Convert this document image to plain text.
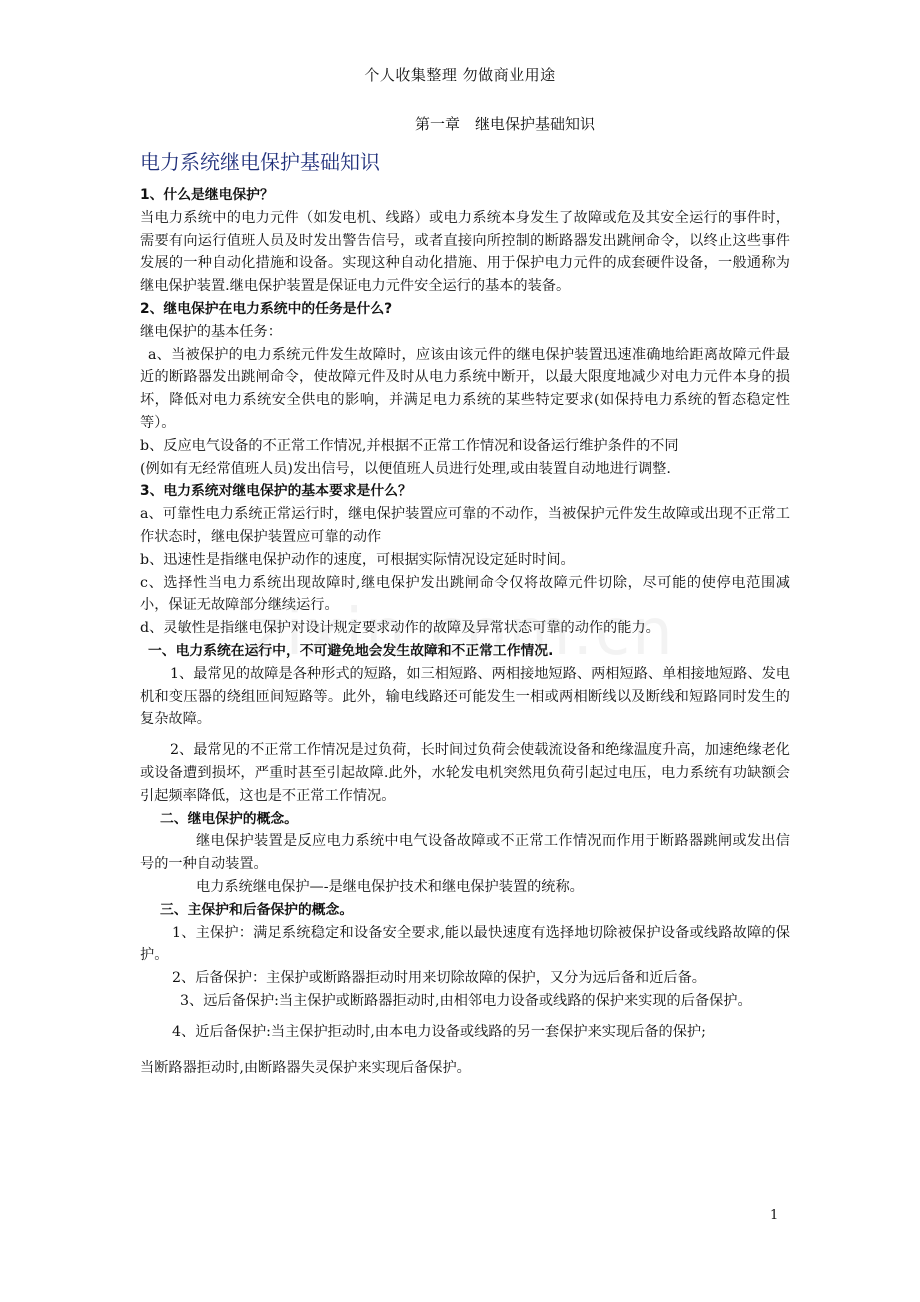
个人收集整理 勿做商业用途
第一章　继电保护基础知识
电力系统继电保护基础知识

1、什么是继电保护？

当电力系统中的电力元件（如发电机、线路）或电力系统本身发生了故障或危及其安全运行的事件时，需要有向运行值班人员及时发出警告信号，或者直接向所控制的断路器发出跳闸命令，以终止这些事件发展的一种自动化措施和设备。实现这种自动化措施、用于保护电力元件的成套硬件设备，一般通称为继电保护装置.继电保护装置是保证电力元件安全运行的基本的装备。

2、继电保护在电力系统中的任务是什么?

继电保护的基本任务：

a、当被保护的电力系统元件发生故障时，应该由该元件的继电保护装置迅速准确地给距离故障元件最近的断路器发出跳闸命令，使故障元件及时从电力系统中断开，以最大限度地减少对电力元件本身的损坏，降低对电力系统安全供电的影响，并满足电力系统的某些特定要求(如保持电力系统的暂态稳定性等）。

b、反应电气设备的不正常工作情况,并根据不正常工作情况和设备运行维护条件的不同

(例如有无经常值班人员)发出信号，以便值班人员进行处理,或由装置自动地进行调整.

3、电力系统对继电保护的基本要求是什么？

a、可靠性电力系统正常运行时，继电保护装置应可靠的不动作，当被保护元件发生故障或出现不正常工作状态时，继电保护装置应可靠的动作

b、迅速性是指继电保护动作的速度，可根据实际情况设定延时时间。

c、选择性当电力系统出现故障时,继电保护发出跳闸命令仅将故障元件切除，尽可能的使停电范围减小，保证无故障部分继续运行。

d、灵敏性是指继电保护对设计规定要求动作的故障及异常状态可靠的动作的能力。

一、电力系统在运行中，不可避免地会发生故障和不正常工作情况.

1、最常见的故障是各种形式的短路，如三相短路、两相接地短路、两相短路、单相接地短路、发电机和变压器的绕组匝间短路等。此外，输电线路还可能发生一相或两相断线以及断线和短路同时发生的复杂故障。

2、最常见的不正常工作情况是过负荷，长时间过负荷会使载流设备和绝缘温度升高，加速绝缘老化或设备遭到损坏，严重时甚至引起故障.此外，水轮发电机突然甩负荷引起过电压，电力系统有功缺额会引起频率降低，这也是不正常工作情况。

二、继电保护的概念。

继电保护装置是反应电力系统中电气设备故障或不正常工作情况而作用于断路器跳闸或发出信号的一种自动装置。

电力系统继电保护—-是继电保护技术和继电保护装置的统称。

三、主保护和后备保护的概念。

1、主保护：满足系统稳定和设备安全要求,能以最快速度有选择地切除被保护设备或线路故障的保护。

2、后备保护：主保护或断路器拒动时用来切除故障的保护，又分为远后备和近后备。

3、远后备保护:当主保护或断路器拒动时,由相邻电力设备或线路的保护来实现的后备保护。

4、近后备保护:当主保护拒动时,由本电力设备或线路的另一套保护来实现后备的保护;

当断路器拒动时,由断路器失灵保护来实现后备保护。

1
